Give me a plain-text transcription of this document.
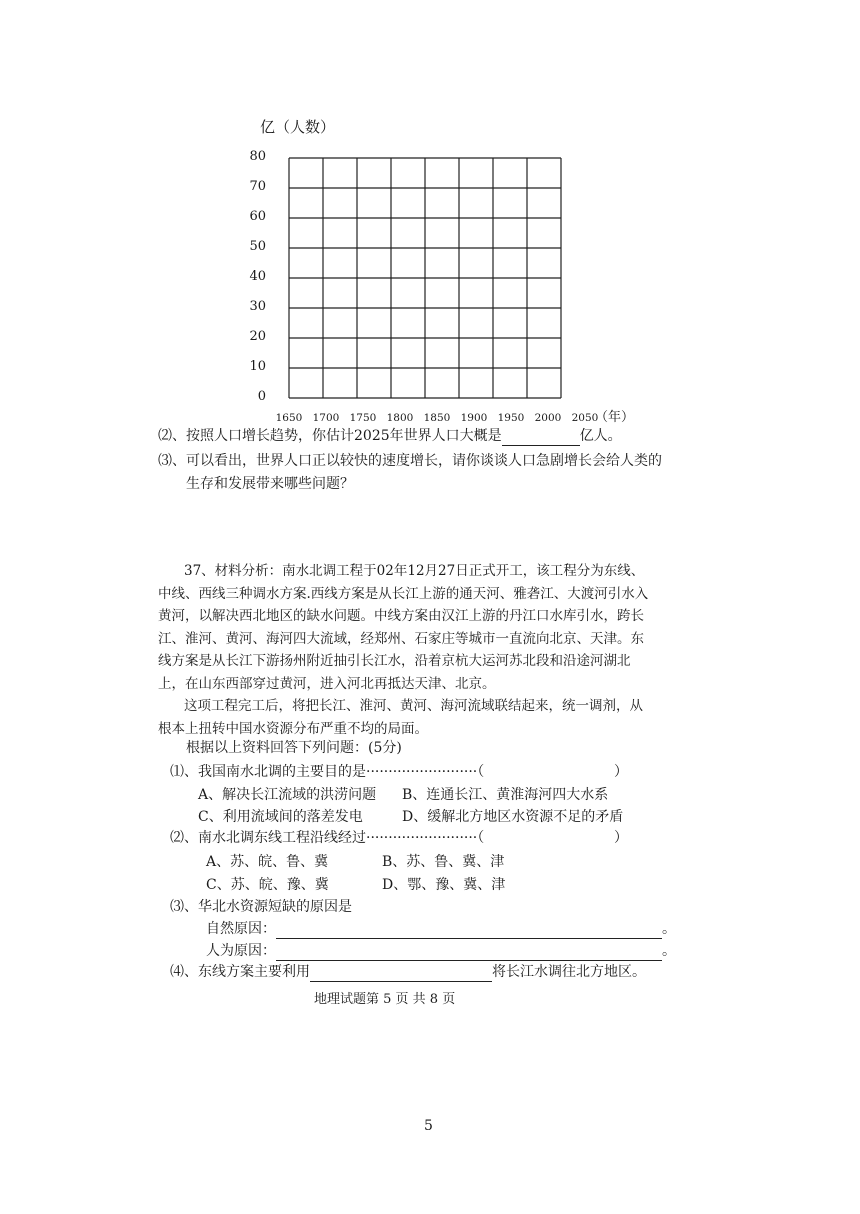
亿（人数）
80
70
60
50
40
30
20
10
0
1650 1700 1750 1800 1850 1900 1950 2000 2050
（年）
⑵、按照人口增长趋势，你估计2025年世界人口大概是	亿人。
⑶、可以看出，世界人口正以较快的速度增长，请你谈谈人口急剧增长会给人类的
生存和发展带来哪些问题？
37、材料分析：南水北调工程于02年12月27日正式开工，该工程分为东线、
中线、西线三种调水方案.西线方案是从长江上游的通天河、雅砻江、大渡河引水入
黄河，以解决西北地区的缺水问题。中线方案由汉江上游的丹江口水库引水，跨长
江、淮河、黄河、海河四大流域，经郑州、石家庄等城市一直流向北京、天津。东
线方案是从长江下游扬州附近抽引长江水，沿着京杭大运河苏北段和沿途河湖北
上，在山东西部穿过黄河，进入河北再抵达天津、北京。
这项工程完工后，将把长江、淮河、黄河、海河流域联结起来，统一调剂，从
根本上扭转中国水资源分布严重不均的局面。
根据以上资料回答下列问题：(5分)
⑴、我国南水北调的主要目的是·························（	）
A、解决长江流域的洪涝问题 B、连通长江、黄淮海河四大水系
C、利用流域间的落差发电	D、缓解北方地区水资源不足的矛盾
⑵、南水北调东线工程沿线经过·························（	）
A、苏、皖、鲁、冀	B、苏、鲁、冀、津
C、苏、皖、豫、冀	D、鄂、豫、冀、津
⑶、华北水资源短缺的原因是
自然原因：	。
人为原因：	。
⑷、东线方案主要利用	将长江水调往北方地区。
地理试题第 5 页 共 8 页
5
